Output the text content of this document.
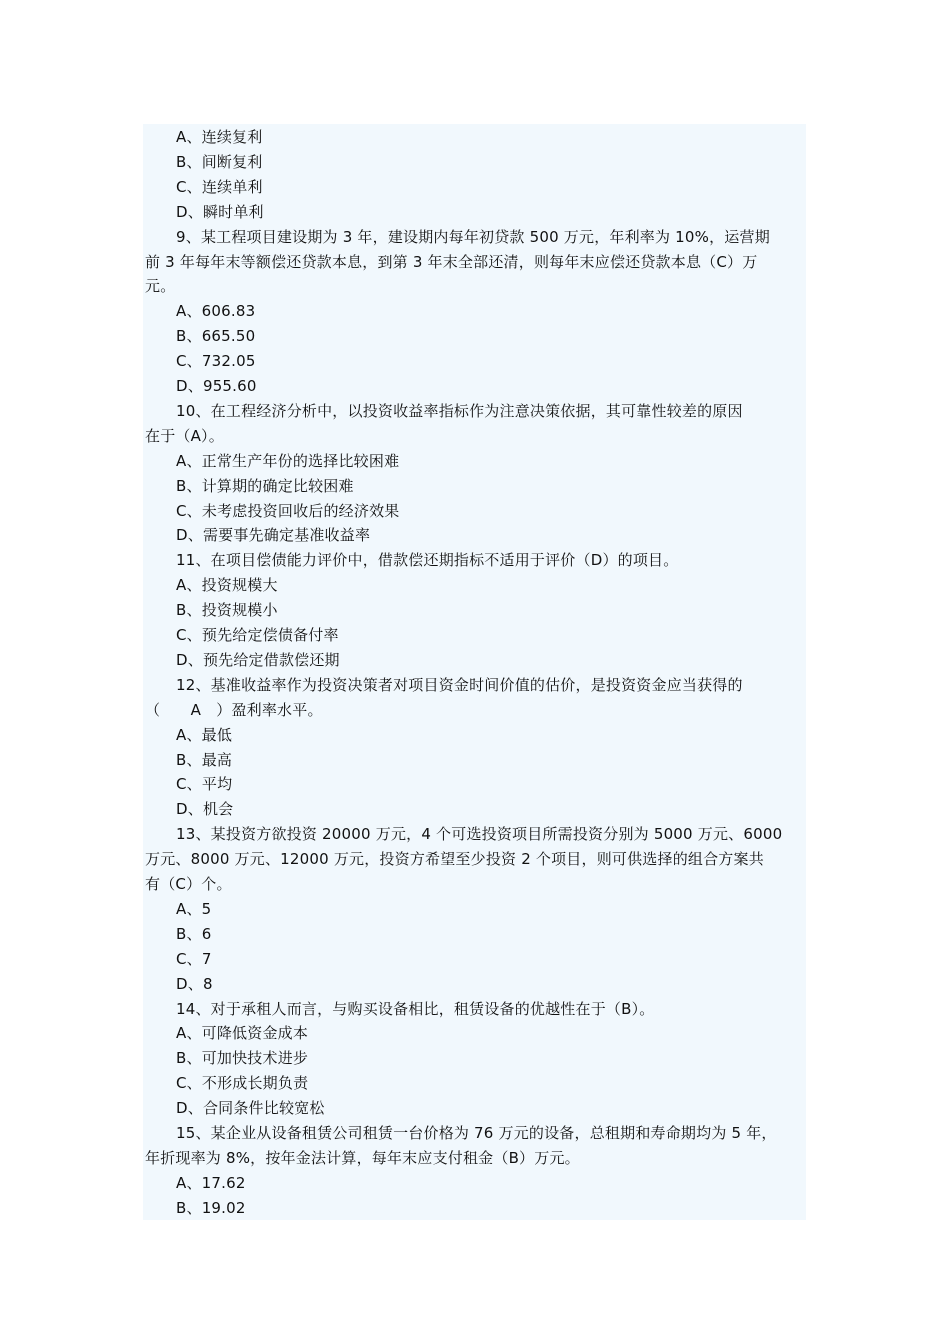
A、连续复利
B、间断复利
C、连续单利
D、瞬时单利
9、某工程项目建设期为 3 年，建设期内每年初贷款 500 万元，年利率为 10%，运营期
前 3 年每年末等额偿还贷款本息，到第 3 年末全部还清，则每年末应偿还贷款本息（C）万
元。
A、606.83
B、665.50
C、732.05
D、955.60
10、在工程经济分析中，以投资收益率指标作为注意决策依据，其可靠性较差的原因
在于（A）。
A、正常生产年份的选择比较困难
B、计算期的确定比较困难
C、未考虑投资回收后的经济效果
D、需要事先确定基准收益率
11、在项目偿债能力评价中，借款偿还期指标不适用于评价（D）的项目。
A、投资规模大
B、投资规模小
C、预先给定偿债备付率
D、预先给定借款偿还期
12、基准收益率作为投资决策者对项目资金时间价值的估价，是投资资金应当获得的
（　　A　）盈利率水平。
A、最低
B、最高
C、平均
D、机会
13、某投资方欲投资 20000 万元，4 个可选投资项目所需投资分别为 5000 万元、6000
万元、8000 万元、12000 万元，投资方希望至少投资 2 个项目，则可供选择的组合方案共
有（C）个。
A、5
B、6
C、7
D、8
14、对于承租人而言，与购买设备相比，租赁设备的优越性在于（B）。
A、可降低资金成本
B、可加快技术进步
C、不形成长期负责
D、合同条件比较宽松
15、某企业从设备租赁公司租赁一台价格为 76 万元的设备，总租期和寿命期均为 5 年，
年折现率为 8%，按年金法计算，每年末应支付租金（B）万元。
A、17.62
B、19.02
